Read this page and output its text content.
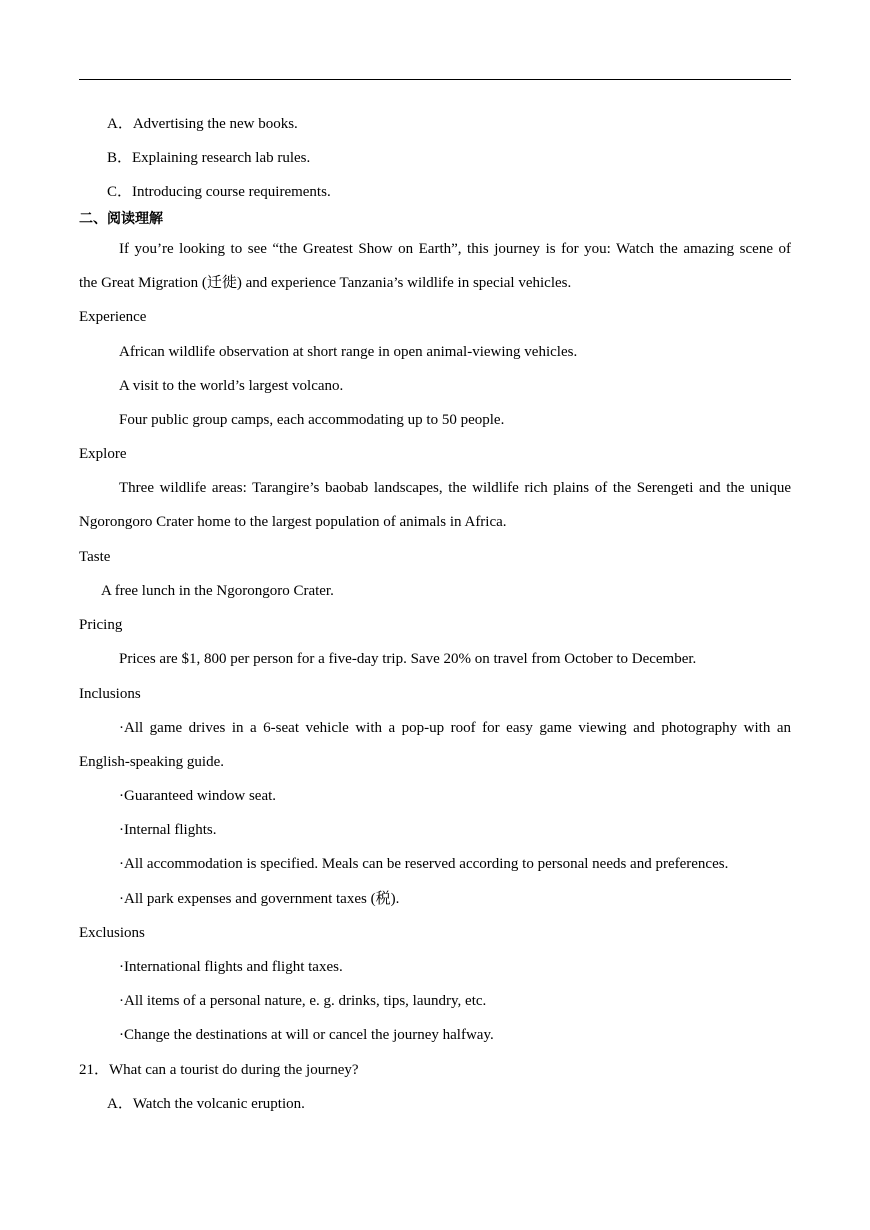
A．Advertising the new books.
B．Explaining research lab rules.
C．Introducing course requirements.
二、阅读理解
If you’re looking to see “the Greatest Show on Earth”, this journey is for you: Watch the amazing scene of
the Great Migration (迁徙) and experience Tanzania’s wildlife in special vehicles.
Experience
African wildlife observation at short range in open animal-viewing vehicles.
A visit to the world’s largest volcano.
Four public group camps, each accommodating up to 50 people.
Explore
Three wildlife areas: Tarangire’s baobab landscapes, the wildlife rich plains of the Serengeti and the unique
Ngorongoro Crater home to the largest population of animals in Africa.
Taste
A free lunch in the Ngorongoro Crater.
Pricing
Prices are $1, 800 per person for a five-day trip. Save 20% on travel from October to December.
Inclusions
·All game drives in a 6-seat vehicle with a pop-up roof for easy game viewing and photography with an
English-speaking guide.
·Guaranteed window seat.
·Internal flights.
·All accommodation is specified. Meals can be reserved according to personal needs and preferences.
·All park expenses and government taxes (税).
Exclusions
·International flights and flight taxes.
·All items of a personal nature, e. g. drinks, tips, laundry, etc.
·Change the destinations at will or cancel the journey halfway.
21．What can a tourist do during the journey?
A．Watch the volcanic eruption.
